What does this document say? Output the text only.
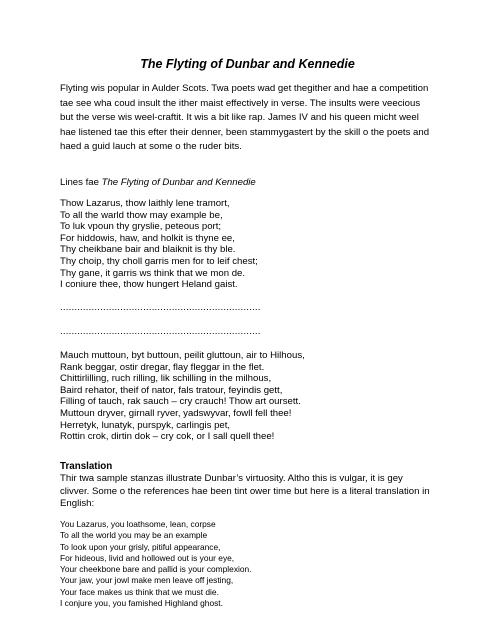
The Flyting of Dunbar and Kennedie
Flyting wis popular in Aulder Scots. Twa poets wad get thegither and hae a competition
tae see wha coud insult the ither maist effectively in verse. The insults were veecious
but the verse wis weel-craftit. It wis a bit like rap. James IV and his queen micht weel
hae listened tae this efter their denner, been stammygastert by the skill o the poets and
haed a guid lauch at some o the ruder bits.

Lines fae The Flyting of Dunbar and Kennedie

Thow Lazarus, thow laithly lene tramort,
To all the warld thow may example be,
To luk vpoun thy gryslie, peteous port;
For hiddowis, haw, and holkit is thyne ee,
Thy cheikbane bair and blaiknit is thy ble.
Thy choip, thy choll garris men for to leif chest;
Thy gane, it garris ws think that we mon de.
I coniure thee, thow hungert Heland gaist.

......................................................................

......................................................................

Mauch muttoun, byt buttoun, peilit gluttoun, air to Hilhous,
Rank beggar, ostir dregar, flay fleggar in the flet.
Chittirlilling, ruch rilling, lik schilling in the milhous,
Baird rehator, theif of nator, fals tratour, feyindis gett,
Filling of tauch, rak sauch – cry crauch! Thow art oursett.
Muttoun dryver, girnall ryver, yadswyvar, fowll fell thee!
Herretyk, lunatyk, purspyk, carlingis pet,
Rottin crok, dirtin dok – cry cok, or I sall quell thee!
Translation
Thir twa sample stanzas illustrate Dunbar’s virtuosity. Altho this is vulgar, it is gey
clivver. Some o the references hae been tint ower time but here is a literal translation in
English:
You Lazarus, you loathsome, lean, corpse
To all the world you may be an example
To look upon your grisly, pitiful appearance,
For hideous, livid and hollowed out is your eye,
Your cheekbone bare and pallid is your complexion.
Your jaw, your jowl make men leave off jesting,
Your face makes us think that we must die.
I conjure you, you famished Highland ghost.
